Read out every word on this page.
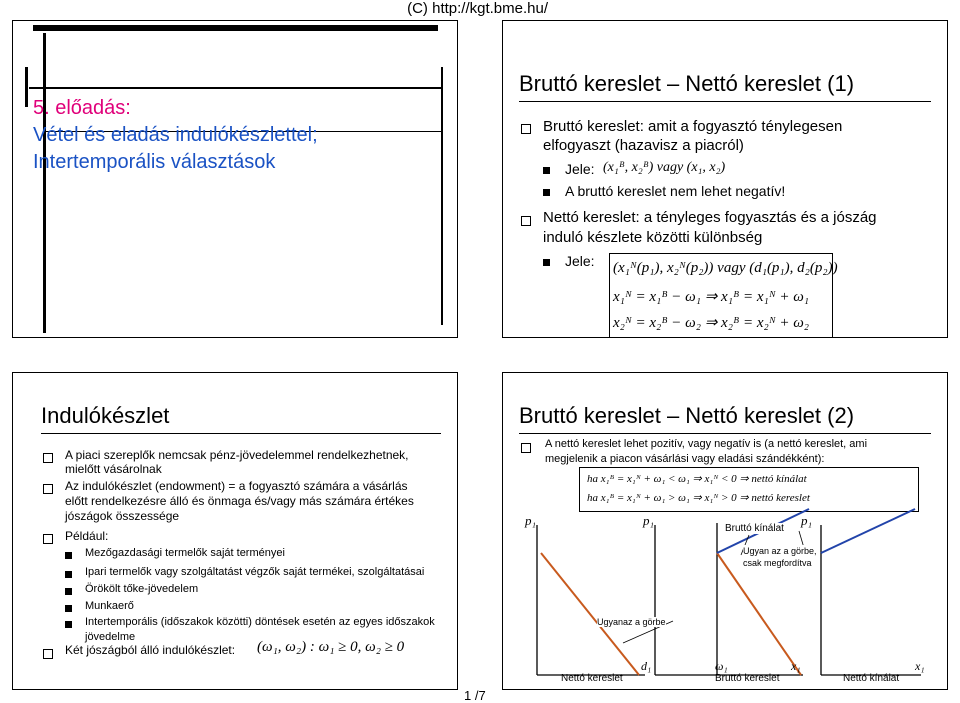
(C) http://kgt.bme.hu/
5. előadás:
Vétel és eladás indulókészlettel;
Intertemporális választások
Bruttó kereslet – Nettó kereslet (1)
Bruttó kereslet: amit a fogyasztó ténylegesen
elfogyaszt (hazavisz a piacról)
Jele: (x₁ᴮ, x₂ᴮ) vagy (x₁, x₂)
A bruttó kereslet nem lehet negatív!
Nettó kereslet: a tényleges fogyasztás és a jószág
induló készlete közötti különbség
Jele: (x₁ᴺ(p₁), x₂ᴺ(p₂)) vagy (d₁(p₁), d₂(p₂))
x₁ᴺ = x₁ᴮ − ω₁ ⇒ x₁ᴮ = x₁ᴺ + ω₁
x₂ᴺ = x₂ᴮ − ω₂ ⇒ x₂ᴮ = x₂ᴺ + ω₂
Indulókészlet
A piaci szereplők nemcsak pénz-jövedelemmel rendelkezhetnek,
mielőtt vásárolnak
Az indulókészlet (endowment) = a fogyasztó számára a vásárlás
előtt rendelkezésre álló és önmaga és/vagy más számára értékes
jószágok összessége
Például:
Mezőgazdasági termelők saját terményei
Ipari termelők vagy szolgáltatást végzők saját termékei, szolgáltatásai
Örökölt tőke-jövedelem
Munkaerő
Intertemporális (időszakok közötti) döntések esetén az egyes időszakok
jövedelme
Két jószágból álló indulókészlet: (ω₁, ω₂) : ω₁ ≥ 0, ω₂ ≥ 0
1 /7
Bruttó kereslet – Nettó kereslet (2)
A nettó kereslet lehet pozitív, vagy negatív is (a nettó kereslet, ami
megjelenik a piacon vásárlási vagy eladási szándékként):
ha x₁ᴮ = x₁ᴺ + ω₁ < ω₁ ⇒ x₁ᴺ < 0 ⇒ nettó kínálat
ha x₁ᴮ = x₁ᴺ + ω₁ > ω₁ ⇒ x₁ᴺ > 0 ⇒ nettó kereslet
p₁	p₁	p₁
Bruttó kínálat
Ugyan az a görbe,
csak megfordítva
Ugyanaz a görbe
d₁	ω₁	x₁	x₁
Nettó kereslet	Bruttó kereslet	Nettó kínálat
